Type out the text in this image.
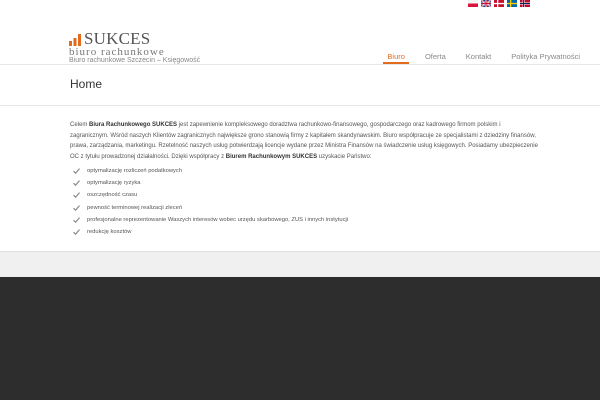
SUKCES
biuro rachunkowe
Biuro rachunkowe Szczecin – Księgowość	Biuro	Oferta	Kontakt	Polityka Prywatności
Home

Celem Biura Rachunkowego SUKCES jest zapewnienie kompleksowego doradztwa rachunkowo-finansowego, gospodarczego oraz kadrowego firmom polskim i zagranicznym. Wśród naszych Klientów zagranicznych największe grono stanowią firmy z kapitałem skandynawskim. Biuro współpracuje ze specjalistami z dziedziny finansów, prawa, zarządzania, marketingu. Rzetelność naszych usług potwierdzają licencje wydane przez Ministra Finansów na świadczenie usług księgowych. Posiadamy ubezpieczenie OC z tytułu prowadzonej działalności. Dzięki współpracy z Biurem Rachunkowym SUKCES uzyskacie Państwo:

optymalizację rozliczeń podatkowych
optymalizację ryzyka
oszczędność czasu
pewność terminowej realizacji zleceń
profesjonalne reprezentowanie Waszych interesów wobec urzędu skarbowego, ZUS i innych instytucji
redukcję kosztów
